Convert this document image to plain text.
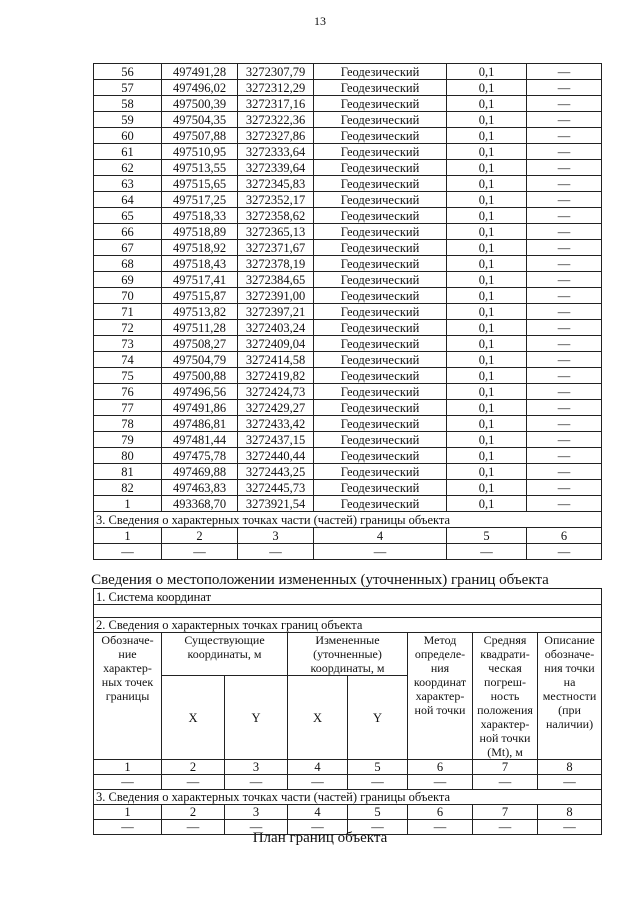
13
56	497491,28	3272307,79	Геодезический	0,1	—
57	497496,02	3272312,29	Геодезический	0,1	—
58	497500,39	3272317,16	Геодезический	0,1	—
59	497504,35	3272322,36	Геодезический	0,1	—
60	497507,88	3272327,86	Геодезический	0,1	—
61	497510,95	3272333,64	Геодезический	0,1	—
62	497513,55	3272339,64	Геодезический	0,1	—
63	497515,65	3272345,83	Геодезический	0,1	—
64	497517,25	3272352,17	Геодезический	0,1	—
65	497518,33	3272358,62	Геодезический	0,1	—
66	497518,89	3272365,13	Геодезический	0,1	—
67	497518,92	3272371,67	Геодезический	0,1	—
68	497518,43	3272378,19	Геодезический	0,1	—
69	497517,41	3272384,65	Геодезический	0,1	—
70	497515,87	3272391,00	Геодезический	0,1	—
71	497513,82	3272397,21	Геодезический	0,1	—
72	497511,28	3272403,24	Геодезический	0,1	—
73	497508,27	3272409,04	Геодезический	0,1	—
74	497504,79	3272414,58	Геодезический	0,1	—
75	497500,88	3272419,82	Геодезический	0,1	—
76	497496,56	3272424,73	Геодезический	0,1	—
77	497491,86	3272429,27	Геодезический	0,1	—
78	497486,81	3272433,42	Геодезический	0,1	—
79	497481,44	3272437,15	Геодезический	0,1	—
80	497475,78	3272440,44	Геодезический	0,1	—
81	497469,88	3272443,25	Геодезический	0,1	—
82	497463,83	3272445,73	Геодезический	0,1	—
1	493368,70	3273921,54	Геодезический	0,1	—
3. Сведения о характерных точках части (частей) границы объекта					
1	2	3	4	5	6
—	—	—	—	—	—
Сведения о местоположении измененных (уточненных) границ объекта
1. Система координат							

2. Сведения о характерных точках границ объекта							
Обозначе-ние характер-ных точек границы	Существующие координаты, м		Измененные (уточненные) координаты, м		Метод определе-ния координат характер-ной точки	Средняя квадрати-ческая погреш-ность положения характер-ной точки (Mt), м	Описание обозначе-ния точки на местности (при наличии)
	X	Y	X	Y			
1	2	3	4	5	6	7	8
—	—	—	—	—	—	—	—
3. Сведения о характерных точках части (частей) границы объекта							
1	2	3	4	5	6	7	8
—	—	—	—	—	—	—	—
План границ объекта
